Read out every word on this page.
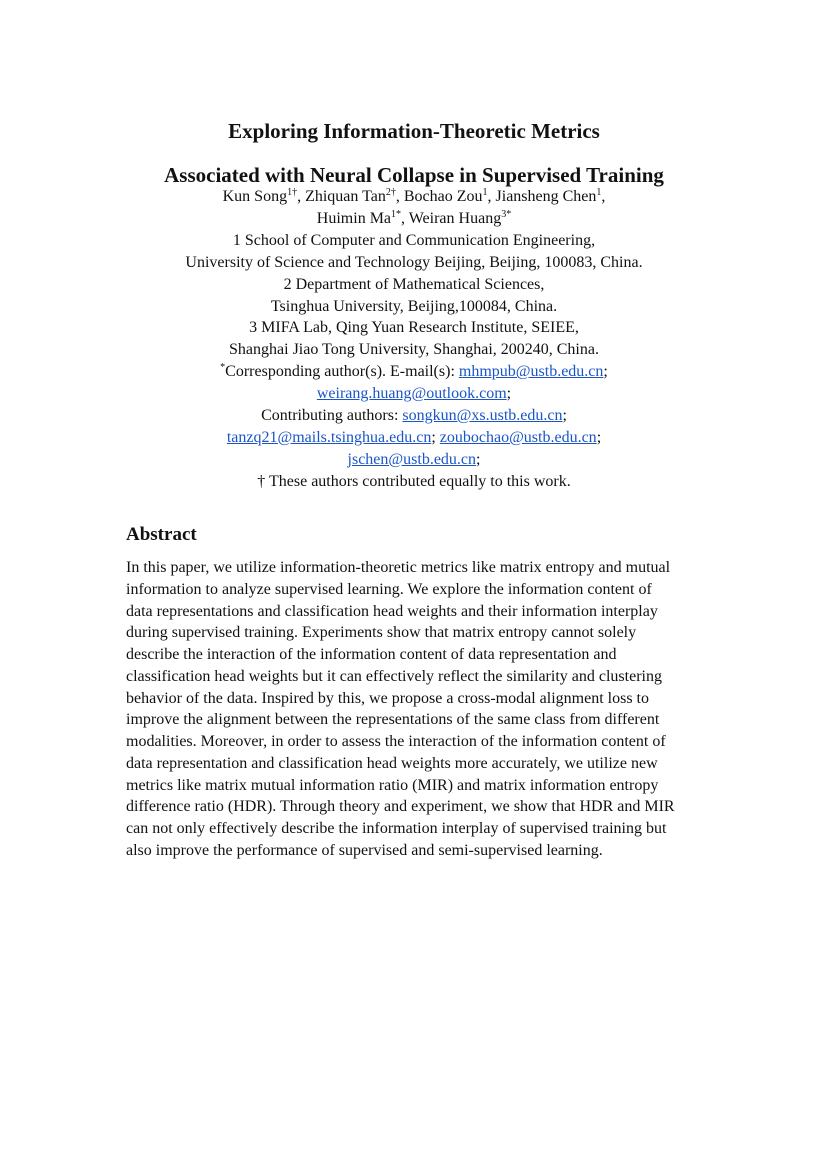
Exploring Information-Theoretic Metrics
Associated with Neural Collapse in Supervised Training
Kun Song$^{1\dagger}$, Zhiquan Tan$^{2\dagger}$, Bochao Zou$^1$, Jiansheng Chen$^1$,
Huimin $Ma^{1*}$, Weiran Huang$^{3*}$
1 School of Computer and Communication Engineering,
University of Science and Technology Beijing, Beijing, 100083, China.
2 Department of Mathematical Sciences,
Tsinghua University, Beijing,100084, China.
3 MIFA Lab, Qing Yuan Research Institute, SEIEE,
Shanghai Jiao Tong University, Shanghai, 200240, China.
*Corresponding author(s). E-mail(s): mhmpub@ustb.edu.cn;
weirang.huang@outlook.com;
Contributing authors: songkun@xs.ustb.edu.cn;
tanzq21@mails.tsinghua.edu.cn; zoubochao@ustb.edu.cn;
jschen@ustb.edu.cn;
† These authors contributed equally to this work.
Abstract
In this paper, we utilize information-theoretic metrics like matrix entropy and mutual
information to analyze supervised learning. We explore the information content of
data representations and classification head weights and their information interplay
during supervised training. Experiments show that matrix entropy cannot solely
describe the interaction of the information content of data representation and
classification head weights but it can effectively reflect the similarity and clustering
behavior of the data. Inspired by this, we propose a cross-modal alignment loss to
improve the alignment between the representations of the same class from different
modalities. Moreover, in order to assess the interaction of the information content of
data representation and classification head weights more accurately, we utilize new
metrics like matrix mutual information ratio (MIR) and matrix information entropy
difference ratio (HDR). Through theory and experiment, we show that HDR and MIR
can not only effectively describe the information interplay of supervised training but
also improve the performance of supervised and semi-supervised learning.
